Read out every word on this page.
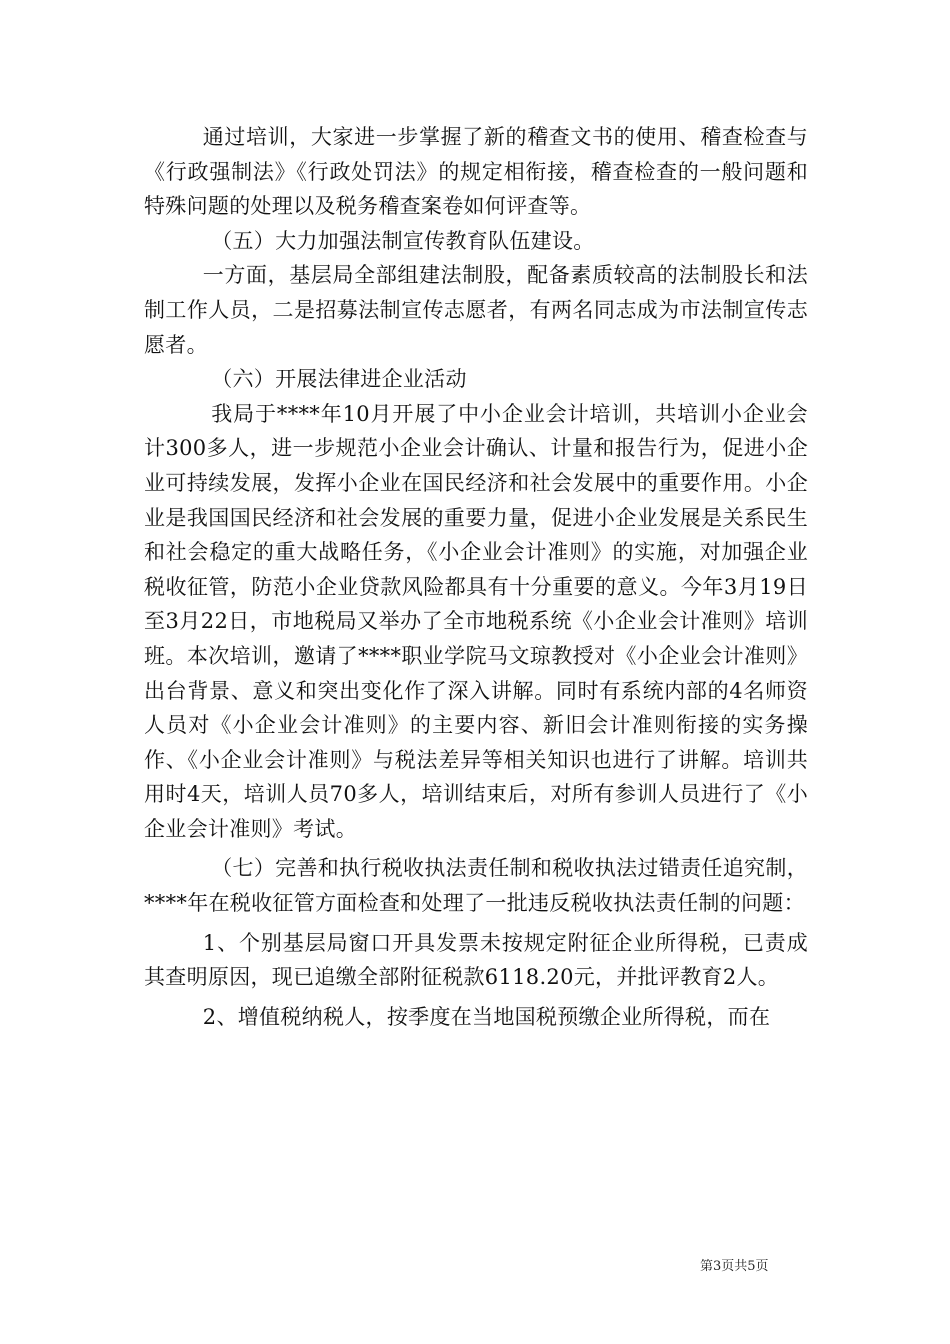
通过培训，大家进一步掌握了新的稽查文书的使用、稽查检查与《行政强制法》《行政处罚法》的规定相衔接，稽查检查的一般问题和特殊问题的处理以及税务稽查案卷如何评查等。

（五）大力加强法制宣传教育队伍建设。

一方面，基层局全部组建法制股，配备素质较高的法制股长和法制工作人员，二是招募法制宣传志愿者，有两名同志成为市法制宣传志愿者。

（六）开展法律进企业活动

我局于****年10月开展了中小企业会计培训，共培训小企业会计300多人，进一步规范小企业会计确认、计量和报告行为，促进小企业可持续发展，发挥小企业在国民经济和社会发展中的重要作用。小企业是我国国民经济和社会发展的重要力量，促进小企业发展是关系民生和社会稳定的重大战略任务，《小企业会计准则》的实施，对加强企业税收征管，防范小企业贷款风险都具有十分重要的意义。今年3月19日至3月22日，市地税局又举办了全市地税系统《小企业会计准则》培训班。本次培训，邀请了****职业学院马文琼教授对《小企业会计准则》出台背景、意义和突出变化作了深入讲解。同时有系统内部的4名师资人员对《小企业会计准则》的主要内容、新旧会计准则衔接的实务操作、《小企业会计准则》与税法差异等相关知识也进行了讲解。培训共用时4天，培训人员70多人，培训结束后，对所有参训人员进行了《小企业会计准则》考试。

（七）完善和执行税收执法责任制和税收执法过错责任追究制，****年在税收征管方面检查和处理了一批违反税收执法责任制的问题：

1、个别基层局窗口开具发票未按规定附征企业所得税，已责成其查明原因，现已追缴全部附征税款6118.20元，并批评教育2人。

2、增值税纳税人，按季度在当地国税预缴企业所得税，而在

第3页共5页
